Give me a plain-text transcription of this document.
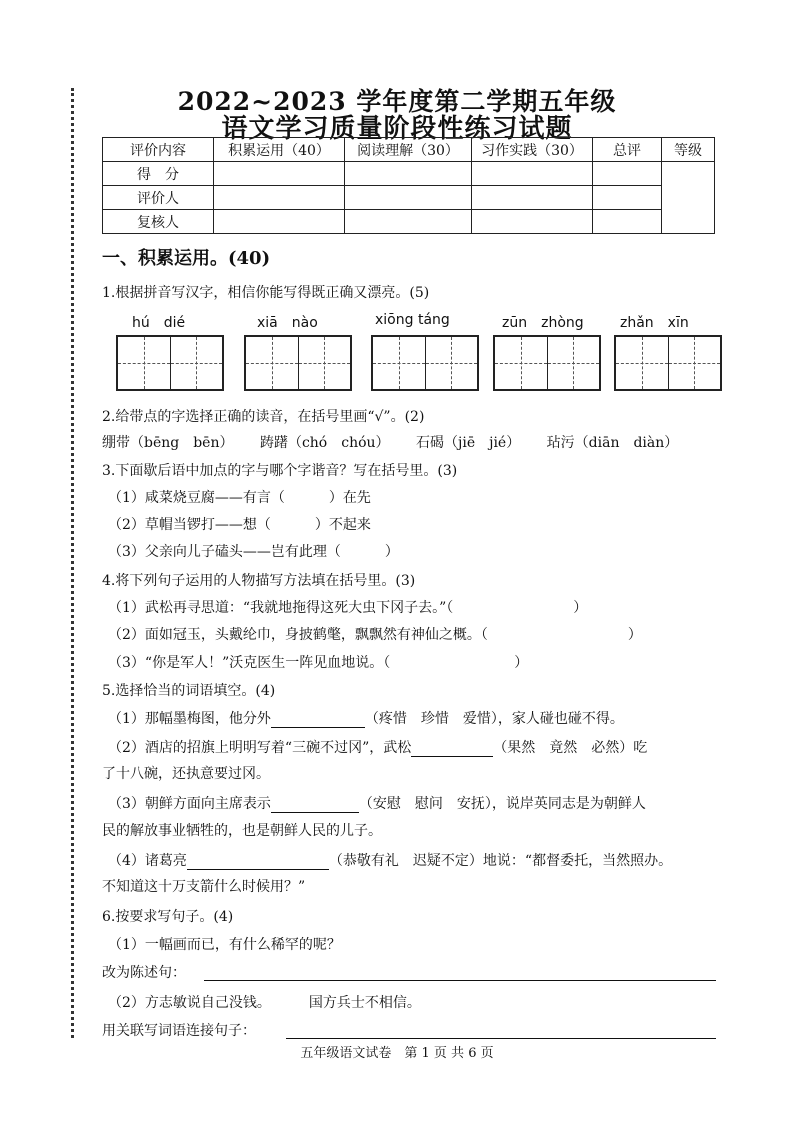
2022~2023 学年度第二学期五年级
语文学习质量阶段性练习试题
评价内容	积累运用（40）	阅读理解（30）	习作实践（30）	总评	等级
得　分					
评价人					
复核人					
一、积累运用。(40)
1.根据拼音写汉字，相信你能写得既正确又漂亮。(5)
hú　dié	xiā　nào	xiōng táng	zūn　zhòng	zhǎn　xīn
2.给带点的字选择正确的读音，在括号里画“√”。(2)
绷带（bēng　bēn） 踌躇（chó　chóu） 石碣（jiē　jié） 玷污（diān　diàn）
3.下面歇后语中加点的字与哪个字谐音？写在括号里。(3)
（1）咸菜烧豆腐——有言（	）在先
（2）草帽当锣打——想（	）不起来
（3）父亲向儿子磕头——岂有此理（	）
4.将下列句子运用的人物描写方法填在括号里。(3)
（1）武松再寻思道：“我就地拖得这死大虫下冈子去。”（	）
（2）面如冠玉，头戴纶巾，身披鹤氅，飘飘然有神仙之概。（	）
（3）“你是军人！”沃克医生一阵见血地说。（	）
5.选择恰当的词语填空。(4)
（1）那幅墨梅图，他分外	（疼惜　珍惜　爱惜），家人碰也碰不得。
（2）酒店的招旗上明明写着“三碗不过冈”，武松	（果然　竟然　必然）吃
了十八碗，还执意要过冈。
（3）朝鲜方面向主席表示	（安慰　慰问　安抚），说岸英同志是为朝鲜人
民的解放事业牺牲的，也是朝鲜人民的儿子。
（4）诸葛亮	（恭敬有礼　迟疑不定）地说：“都督委托，当然照办。
不知道这十万支箭什么时候用？”
6.按要求写句子。(4)
（1）一幅画而已，有什么稀罕的呢？
改为陈述句：
（2）方志敏说自己没钱。	国方兵士不相信。
用关联写词语连接句子：
五年级语文试卷　第 1 页 共 6 页
